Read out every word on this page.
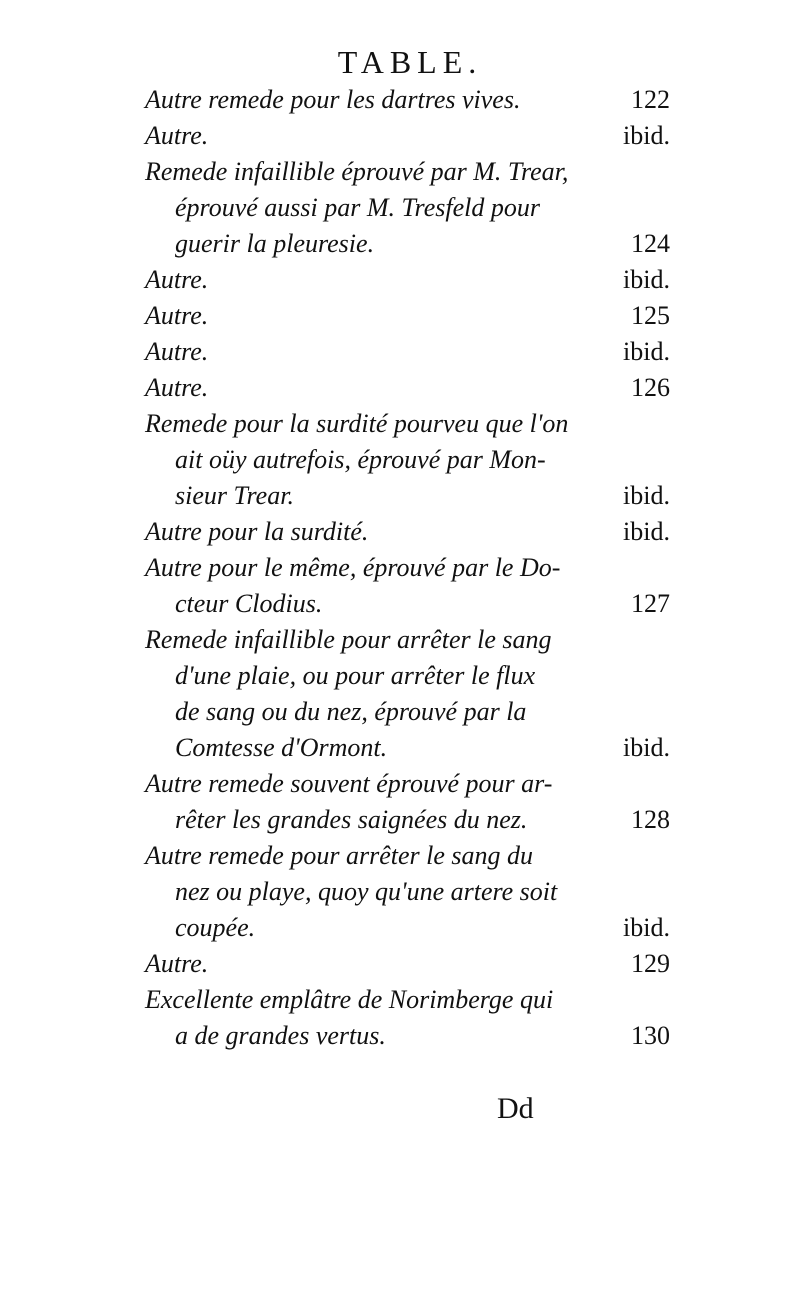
TABLE.
Autre remede pour les dartres vives.	122
Autre.	ibid.
Remede infaillible éprouvé par M. Trear,
éprouvé aussi par M. Tresfeld pour
guerir la pleuresie.	124
Autre.	ibid.
Autre.	125
Autre.	ibid.
Autre.	126
Remede pour la surdité pourveu que l'on
ait oüy autrefois, éprouvé par Mon-
sieur Trear.	ibid.
Autre pour la surdité.	ibid.
Autre pour le même, éprouvé par le Do-
cteur Clodius.	127
Remede infaillible pour arrêter le sang
d'une plaie, ou pour arrêter le flux
de sang ou du nez, éprouvé par la
Comtesse d'Ormont.	ibid.
Autre remede souvent éprouvé pour ar-
rêter les grandes saignées du nez.	128
Autre remede pour arrêter le sang du
nez ou playe, quoy qu'une artere soit
coupée.	ibid.
Autre.	129
Excellente emplâtre de Norimberge qui
a de grandes vertus.	130
Dd
